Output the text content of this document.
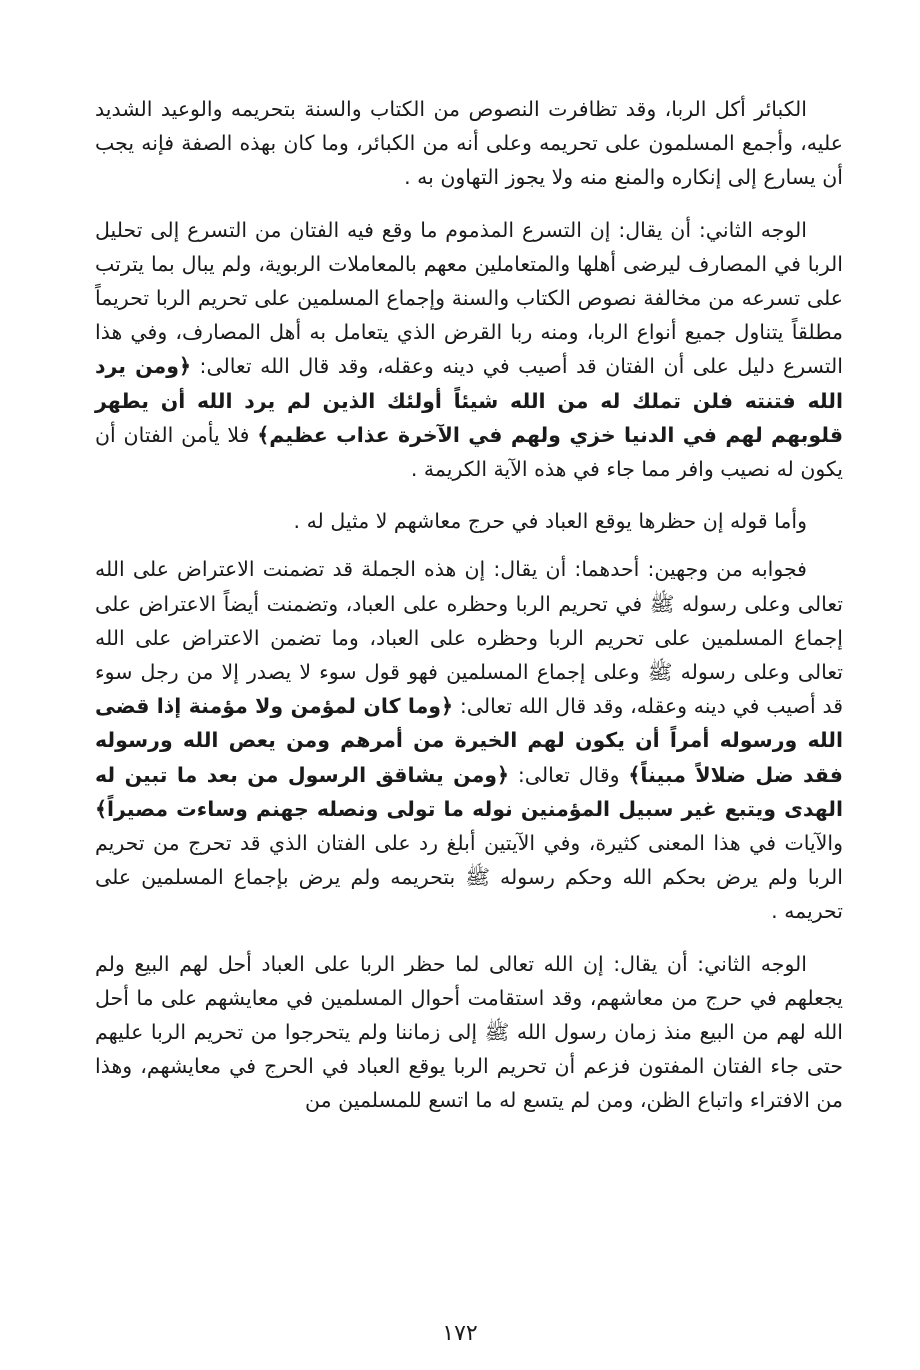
الكبائر أكل الربا، وقد تظافرت النصوص من الكتاب والسنة بتحريمه والوعيد الشديد عليه، وأجمع المسلمون على تحريمه وعلى أنه من الكبائر، وما كان بهذه الصفة فإنه يجب أن يسارع إلى إنكاره والمنع منه ولا يجوز التهاون به .

الوجه الثاني: أن يقال: إن التسرع المذموم ما وقع فيه الفتان من التسرع إلى تحليل الربا في المصارف ليرضى أهلها والمتعاملين معهم بالمعاملات الربوية، ولم يبال بما يترتب على تسرعه من مخالفة نصوص الكتاب والسنة وإجماع المسلمين على تحريم الربا تحريماً مطلقاً يتناول جميع أنواع الربا، ومنه ربا القرض الذي يتعامل به أهل المصارف، وفي هذا التسرع دليل على أن الفتان قد أصيب في دينه وعقله، وقد قال الله تعالى: ﴿ومن يرد الله فتنته فلن تملك له من الله شيئاً أولئك الذين لم يرد الله أن يطهر قلوبهم لهم في الدنيا خزي ولهم في الآخرة عذاب عظيم﴾ فلا يأمن الفتان أن يكون له نصيب وافر مما جاء في هذه الآية الكريمة .

وأما قوله إن حظرها يوقع العباد في حرج معاشهم لا مثيل له .

فجوابه من وجهين: أحدهما: أن يقال: إن هذه الجملة قد تضمنت الاعتراض على الله تعالى وعلى رسوله ﷺ في تحريم الربا وحظره على العباد، وتضمنت أيضاً الاعتراض على إجماع المسلمين على تحريم الربا وحظره على العباد، وما تضمن الاعتراض على الله تعالى وعلى رسوله ﷺ وعلى إجماع المسلمين فهو قول سوء لا يصدر إلا من رجل سوء قد أصيب في دينه وعقله، وقد قال الله تعالى: ﴿وما كان لمؤمن ولا مؤمنة إذا قضى الله ورسوله أمراً أن يكون لهم الخيرة من أمرهم ومن يعص الله ورسوله فقد ضل ضلالاً مبيناً﴾ وقال تعالى: ﴿ومن يشاقق الرسول من بعد ما تبين له الهدى ويتبع غير سبيل المؤمنين نوله ما تولى ونصله جهنم وساءت مصيراً﴾ والآيات في هذا المعنى كثيرة، وفي الآيتين أبلغ رد على الفتان الذي قد تحرج من تحريم الربا ولم يرض بحكم الله وحكم رسوله ﷺ بتحريمه ولم يرض بإجماع المسلمين على تحريمه .

الوجه الثاني: أن يقال: إن الله تعالى لما حظر الربا على العباد أحل لهم البيع ولم يجعلهم في حرج من معاشهم، وقد استقامت أحوال المسلمين في معايشهم على ما أحل الله لهم من البيع منذ زمان رسول الله ﷺ إلى زماننا ولم يتحرجوا من تحريم الربا عليهم حتى جاء الفتان المفتون فزعم أن تحريم الربا يوقع العباد في الحرج في معايشهم، وهذا من الافتراء واتباع الظن، ومن لم يتسع له ما اتسع للمسلمين من

١٧٢
